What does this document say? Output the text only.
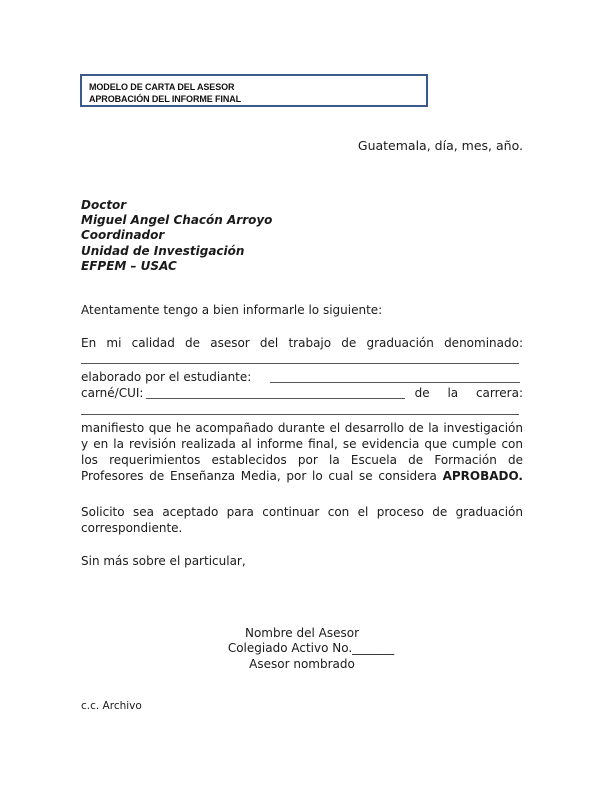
MODELO DE CARTA DEL ASESOR
APROBACIÓN DEL INFORME FINAL
Guatemala, día, mes, año.
Doctor
Miguel Angel Chacón Arroyo
Coordinador
Unidad de Investigación
EFPEM – USAC
Atentamente tengo a bien informarle lo siguiente:
En mi calidad de asesor del trabajo de graduación denominado:
elaborado por el estudiante:
carné/CUI:	de la carrera:
manifiesto que he acompañado durante el desarrollo de la investigación y en la revisión realizada al informe final, se evidencia que cumple con los requerimientos establecidos por la Escuela de Formación de Profesores de Enseñanza Media, por lo cual se considera APROBADO.
Solicito sea aceptado para continuar con el proceso de graduación correspondiente.
Sin más sobre el particular,
Nombre del Asesor
Colegiado Activo No._______
Asesor nombrado
c.c. Archivo
